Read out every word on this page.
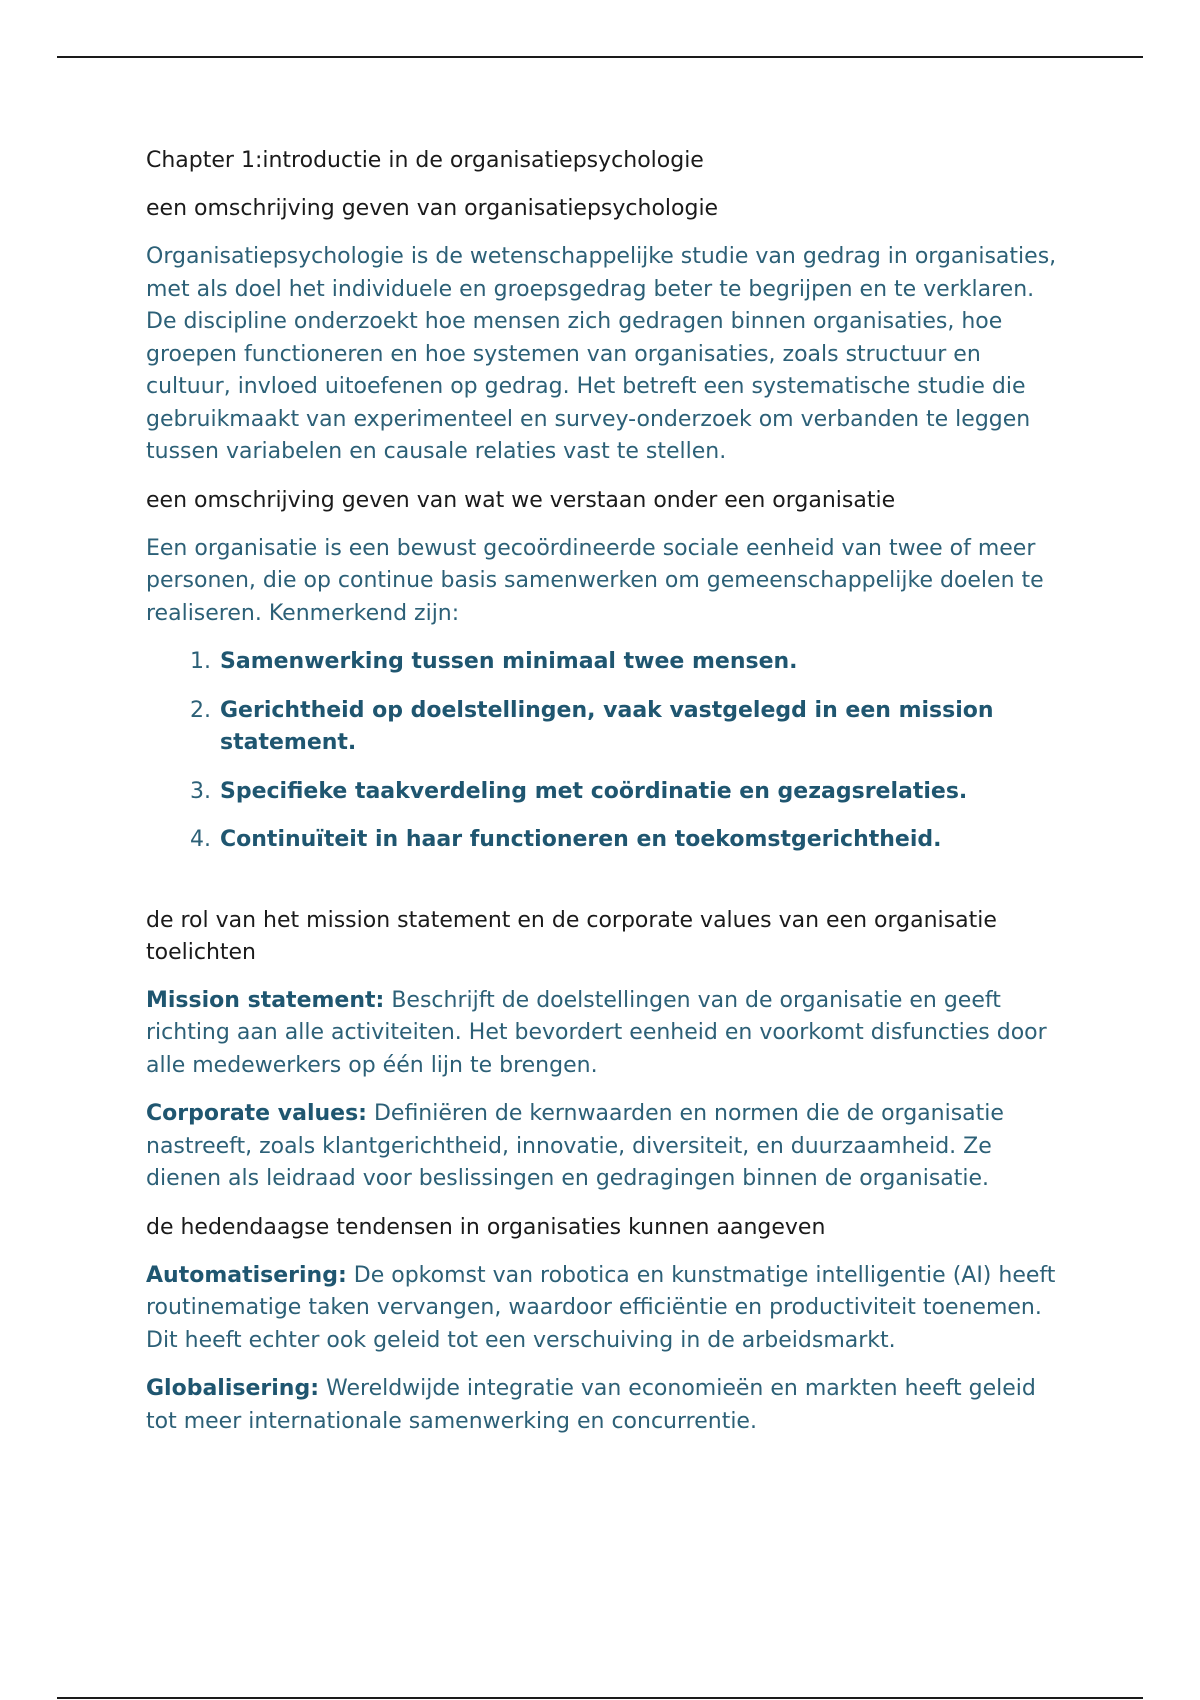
Chapter 1:introductie in de organisatiepsychologie

een omschrijving geven van organisatiepsychologie

Organisatiepsychologie is de wetenschappelijke studie van gedrag in organisaties, met als doel het individuele en groepsgedrag beter te begrijpen en te verklaren. De discipline onderzoekt hoe mensen zich gedragen binnen organisaties, hoe groepen functioneren en hoe systemen van organisaties, zoals structuur en cultuur, invloed uitoefenen op gedrag. Het betreft een systematische studie die gebruikmaakt van experimenteel en survey-onderzoek om verbanden te leggen tussen variabelen en causale relaties vast te stellen.

een omschrijving geven van wat we verstaan onder een organisatie

Een organisatie is een bewust gecoördineerde sociale eenheid van twee of meer personen, die op continue basis samenwerken om gemeenschappelijke doelen te realiseren. Kenmerkend zijn:

1. Samenwerking tussen minimaal twee mensen.
2. Gerichtheid op doelstellingen, vaak vastgelegd in een mission statement.
3. Specifieke taakverdeling met coördinatie en gezagsrelaties.
4. Continuïteit in haar functioneren en toekomstgerichtheid.

de rol van het mission statement en de corporate values van een organisatie toelichten

Mission statement: Beschrijft de doelstellingen van de organisatie en geeft richting aan alle activiteiten. Het bevordert eenheid en voorkomt disfuncties door alle medewerkers op één lijn te brengen.

Corporate values: Definiëren de kernwaarden en normen die de organisatie nastreeft, zoals klantgerichtheid, innovatie, diversiteit, en duurzaamheid. Ze dienen als leidraad voor beslissingen en gedragingen binnen de organisatie.

de hedendaagse tendensen in organisaties kunnen aangeven

Automatisering: De opkomst van robotica en kunstmatige intelligentie (AI) heeft routinematige taken vervangen, waardoor efficiëntie en productiviteit toenemen. Dit heeft echter ook geleid tot een verschuiving in de arbeidsmarkt.

Globalisering: Wereldwijde integratie van economieën en markten heeft geleid tot meer internationale samenwerking en concurrentie.
